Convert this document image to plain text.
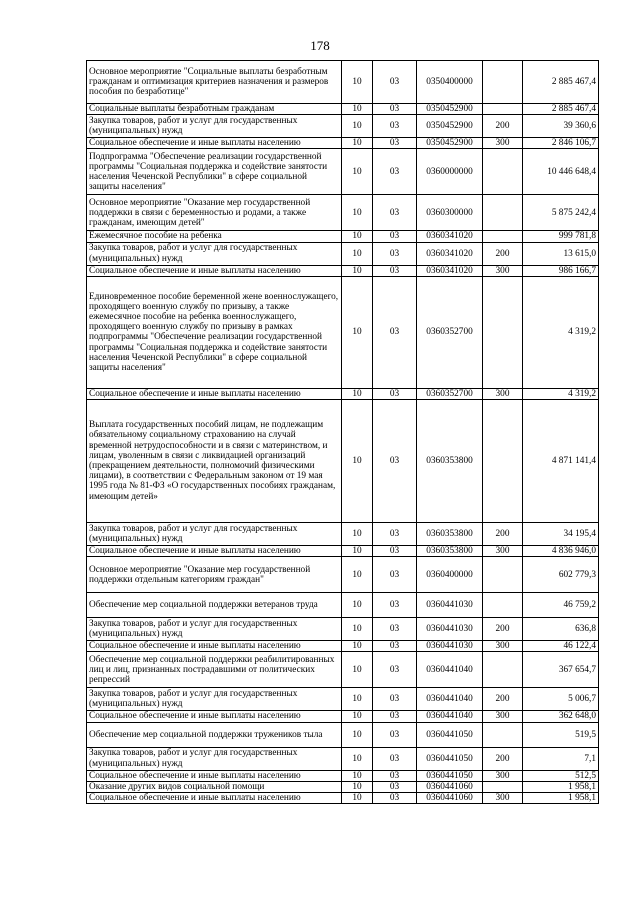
178
Основное мероприятие "Социальные выплаты безработным гражданам и оптимизация критериев назначения и размеров пособия по безработице"	10	03	0350400000		2 885 467,4
Социальные выплаты безработным гражданам	10	03	0350452900		2 885 467,4
Закупка товаров, работ и услуг для государственных (муниципальных) нужд	10	03	0350452900	200	39 360,6
Социальное обеспечение и иные выплаты населению	10	03	0350452900	300	2 846 106,7
Подпрограмма "Обеспечение реализации государственной программы "Социальная поддержка и содействие занятости населения Чеченской Республики" в сфере социальной защиты населения"	10	03	0360000000		10 446 648,4
Основное мероприятие "Оказание мер государственной поддержки в связи с беременностью и родами, а также гражданам, имеющим детей"	10	03	0360300000		5 875 242,4
Ежемесячное пособие на ребенка	10	03	0360341020		999 781,8
Закупка товаров, работ и услуг для государственных (муниципальных) нужд	10	03	0360341020	200	13 615,0
Социальное обеспечение и иные выплаты населению	10	03	0360341020	300	986 166,7
Единовременное пособие беременной жене военнослужащего, проходящего военную службу по призыву, а также ежемесячное пособие на ребенка военнослужащего, проходящего военную службу по призыву в рамках подпрограммы "Обеспечение реализации государственной программы "Социальная поддержка и содействие занятости населения Чеченской Республики" в сфере социальной защиты населения"	10	03	0360352700		4 319,2
Социальное обеспечение и иные выплаты населению	10	03	0360352700	300	4 319,2
Выплата государственных пособий лицам, не подлежащим обязательному социальному страхованию на случай временной нетрудоспособности и в связи с материнством, и лицам, уволенным в связи с ликвидацией организаций (прекращением деятельности, полномочий физическими лицами), в соответствии с Федеральным законом от 19 мая 1995 года № 81-ФЗ «О государственных пособиях гражданам, имеющим детей»	10	03	0360353800		4 871 141,4
Закупка товаров, работ и услуг для государственных (муниципальных) нужд	10	03	0360353800	200	34 195,4
Социальное обеспечение и иные выплаты населению	10	03	0360353800	300	4 836 946,0
Основное мероприятие "Оказание мер государственной поддержки отдельным категориям граждан"	10	03	0360400000		602 779,3
Обеспечение мер социальной поддержки ветеранов труда	10	03	0360441030		46 759,2
Закупка товаров, работ и услуг для государственных (муниципальных) нужд	10	03	0360441030	200	636,8
Социальное обеспечение и иные выплаты населению	10	03	0360441030	300	46 122,4
Обеспечение мер социальной поддержки реабилитированных лиц и лиц, признанных пострадавшими от политических репрессий	10	03	0360441040		367 654,7
Закупка товаров, работ и услуг для государственных (муниципальных) нужд	10	03	0360441040	200	5 006,7
Социальное обеспечение и иные выплаты населению	10	03	0360441040	300	362 648,0
Обеспечение мер социальной поддержки тружеников тыла	10	03	0360441050		519,5
Закупка товаров, работ и услуг для государственных (муниципальных) нужд	10	03	0360441050	200	7,1
Социальное обеспечение и иные выплаты населению	10	03	0360441050	300	512,5
Оказание других видов социальной помощи	10	03	0360441060		1 958,1
Социальное обеспечение и иные выплаты населению	10	03	0360441060	300	1 958,1
